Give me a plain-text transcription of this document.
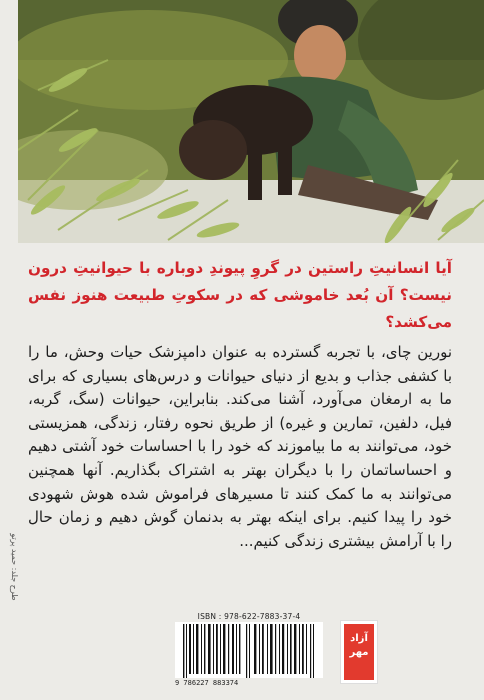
آیا انسانیتِ راستین در گروِ پیوندِ دوباره با حیوانیتِ درون نیست؟ آن بُعد خاموشی که در سکوتِ طبیعت هنوز نفس می‌کشد؟

نورین چای، با تجربه گسترده به عنوان دامپزشک حیات وحش، ما را با کشفی جذاب و بدیع از دنیای حیوانات و درس‌های بسیاری که برای ما به ارمغان می‌آورد، آشنا می‌کند. بنابراین، حیوانات (سگ، گربه، فیل، دلفین، تمارین و غیره) از طریق نحوه رفتار، زندگی، همزیستی خود، می‌توانند به ما بیاموزند که خود را با احساسات خود آشتی دهیم و احساساتمان را با دیگران بهتر به اشتراک بگذاریم. آنها همچنین می‌توانند به ما کمک کنند تا مسیرهای فراموش شده هوش شهودی خود را پیدا کنیم. برای اینکه بهتر به بدنمان گوش دهیم و زمان حال را با آرامش بیشتری زندگی کنیم...

طرح جلد: حمید پرتو
ISBN : 978-622-7883-37-4
9 786227 883374
آزاد
مهر
